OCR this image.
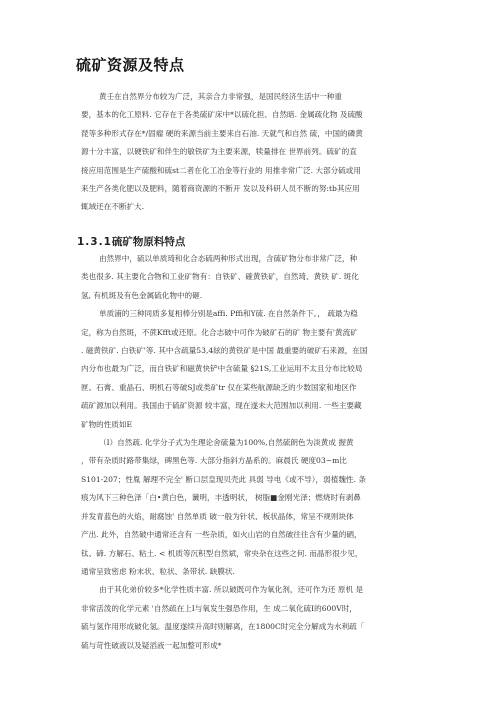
硫矿资源及特点
黄壬在自然界分布较为广泛，其亲合力非常强，是国民经济生活中一种重
要，基本的化工原料. 它存在于各类硫矿床中*以硫化担、自然暗. 金属疏化物 及硫酸
琵等多种形式存在*/固瘤 硬的来源当前主要来自石油. 天就气和自然 硫，中国的磷黄
源十分丰富，以硬铁矿和伴生的敏铁矿为主要来源，犊量排在 世界前列。硫矿的直
接应用范围是生产硫酸和硫st二者在化工冶金等行业的 用推非常广泛. 大部分硫或用
来生产各类化肥以及肥料，随着商资源的不断开 发以及科研人员不断的努:tb其应用
辄域还在不断扩大.
1.3.1硫矿物原料特点
由然界中，硫以单质琦和化合态硫两种形式出现，含硫矿物分布非常广泛，种
类也很多. 其主要化合物和工业矿物有：自铁矿、確黄铁矿，自然琦、黄铁 矿. 斑化
氢, 有机斑及有色金属硫化物中的砸.
单质浦的三种同质多复相棒分别是affi. Pffi和Y硫. 在自然条件下。， 疏最为稳
定，称为自然斑，不蔗Kfft或还原。化合志破中可作为破矿石的矿 物主要有'黄流矿
. 磁黄铁矿. 白铁矿'等. 其中含疏量53,4絃的黄铁矿是中国 最重要的破矿石来源，在国
内分布也最为广泛，而自铁矿和磁黄快铲中含硫量 §21S,工业运用不太且分布比较局
匣。石膏、重晶石、明机石等破SJ或类矿tr 仅在某些航源缺乏的少数国家和地区作
疏矿源加以利用。我国由于硫矿资源 较丰富，现在遂未大范围加以利用. 一些主要藏
矿物的性质如E
（Ⅰ）自然疏. 化学分子式为生理论舍硫量为100%,自然硫朗色为淡黄成 握黄
，带有杂质时路带集绿，碑黑色等. 大部分指斜方晶系的。麻晨氏 硬度03~m比
S101-207；性胤 解理不完全' 断口层皇现贝壳此 具弱 导电《或不导），弱植魏性. 条
痕为风下三种色泽「白•黄白色，谶明，丰透明状， 树脂■金刚光泽；燃烧时有剥鼻
并发青蓝色的火焰，耐腐蚀' 自然单质 破一般为针状、板状晶体，常呈不规则块体
产出. 此外，自然破中通常还含有 一些杂质，如火山岩的自然破往往含有少量的硒，
钛、碲. 方解石、粘土. < 机质等沉积型自然斌，常央杂在这些之何. 而晶形很少见，
通常呈致密虑 粉末状、粒状、条带状. 缺膜状.
由于其化弟价较多*化学性质丰富. 所以破既可作为氧化剂，还可作为还 原机 是
非常活泼的化学元素 '自然疏在上I与氧发生强恐作用，生 成二氧化硫I的600V时，
硫与氢作用形成破化氢。温度遂续升高时则解离，在1800C时完全分解成为水利疏「
硫与苛性破液以及疑滔液一起加整可形成*
